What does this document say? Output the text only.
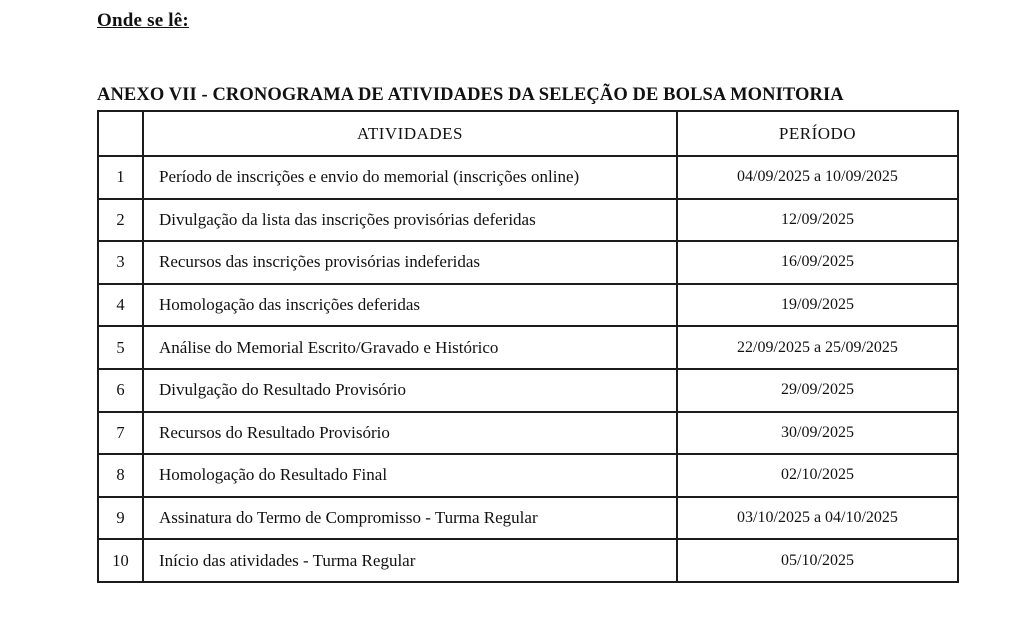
Onde se lê:
ANEXO VII - CRONOGRAMA DE ATIVIDADES DA SELEÇÃO DE BOLSA MONITORIA
	ATIVIDADES	PERÍODO
1	Período de inscrições e envio do memorial (inscrições online)	04/09/2025 a 10/09/2025
2	Divulgação da lista das inscrições provisórias deferidas	12/09/2025
3	Recursos das inscrições provisórias indeferidas	16/09/2025
4	Homologação das inscrições deferidas	19/09/2025
5	Análise do Memorial Escrito/Gravado e Histórico	22/09/2025 a 25/09/2025
6	Divulgação do Resultado Provisório	29/09/2025
7	Recursos do Resultado Provisório	30/09/2025
8	Homologação do Resultado Final	02/10/2025
9	Assinatura do Termo de Compromisso - Turma Regular	03/10/2025 a 04/10/2025
10	Início das atividades - Turma Regular	05/10/2025
